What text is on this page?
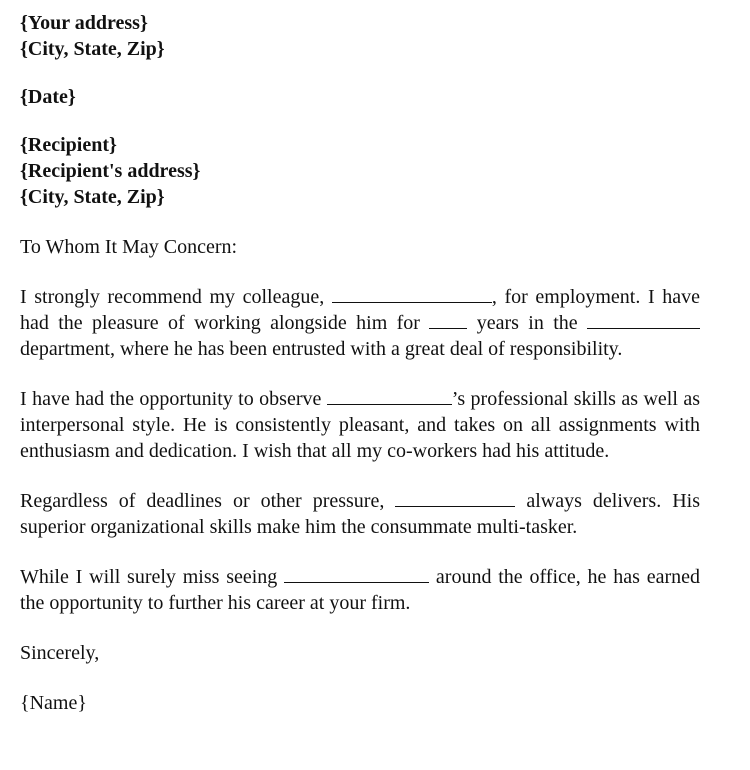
{Your address}
{City, State, Zip}
{Date}
{Recipient}
{Recipient's address}
{City, State, Zip}
To Whom It May Concern:
I strongly recommend my colleague,	, for employment. I have had the pleasure of working alongside him for  years in the  department, where he has been entrusted with a great deal of responsibility.
I have had the opportunity to observe	’s professional skills as well as interpersonal style. He is consistently pleasant, and takes on all assignments with enthusiasm and dedication. I wish that all my co-workers had his attitude.
Regardless of deadlines or other pressure,	always delivers. His superior organizational skills make him the consummate multi-tasker.
While I will surely miss seeing	around the office, he has earned the opportunity to further his career at your firm.
Sincerely,
{Name}
